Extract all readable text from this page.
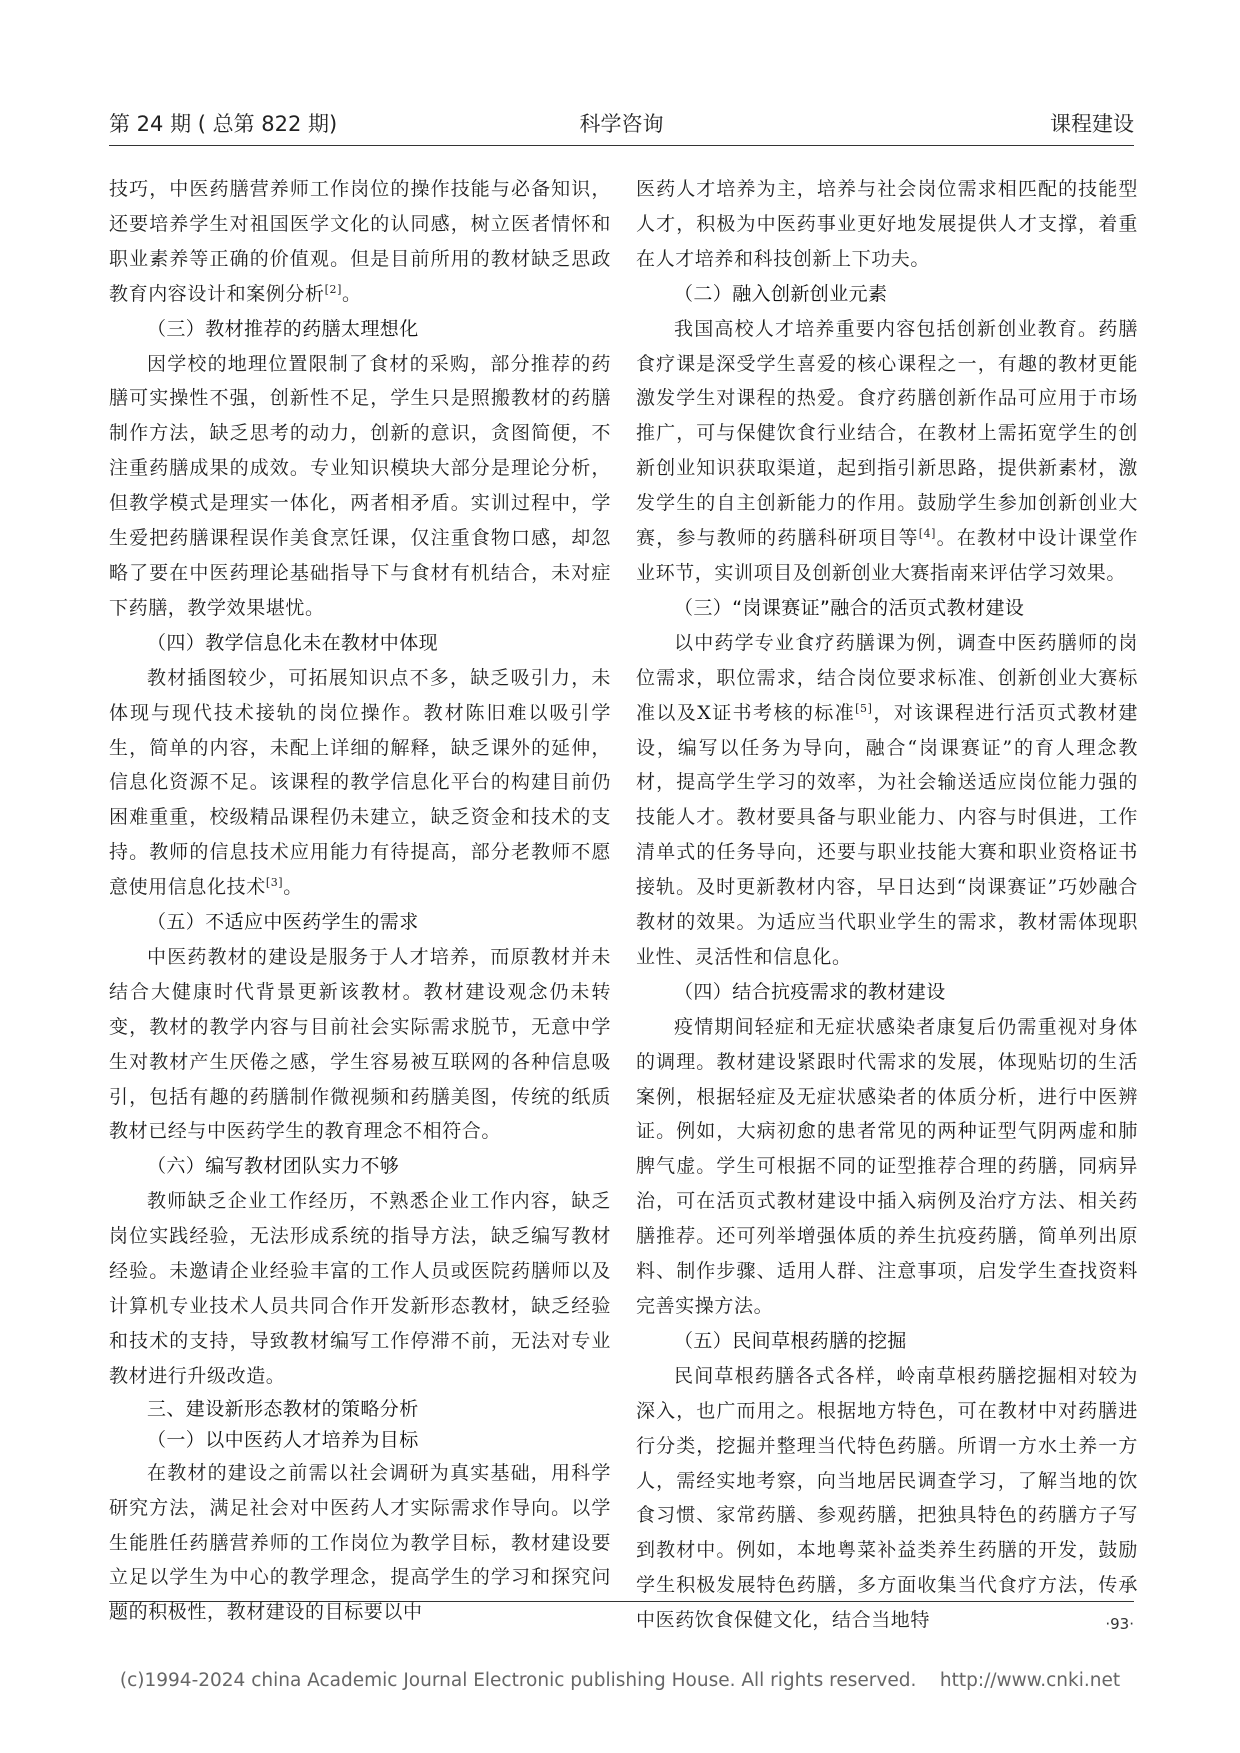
第 24 期 ( 总第 822 期)	科学咨询	课程建设

技巧，中医药膳营养师工作岗位的操作技能与必备知识，还要培养学生对祖国医学文化的认同感，树立医者情怀和职业素养等正确的价值观。但是目前所用的教材缺乏思政教育内容设计和案例分析[2]。

（三）教材推荐的药膳太理想化

因学校的地理位置限制了食材的采购，部分推荐的药膳可实操性不强，创新性不足，学生只是照搬教材的药膳制作方法，缺乏思考的动力，创新的意识，贪图简便，不注重药膳成果的成效。专业知识模块大部分是理论分析，但教学模式是理实一体化，两者相矛盾。实训过程中，学生爱把药膳课程误作美食烹饪课，仅注重食物口感，却忽略了要在中医药理论基础指导下与食材有机结合，未对症下药膳，教学效果堪忧。

（四）教学信息化未在教材中体现

教材插图较少，可拓展知识点不多，缺乏吸引力，未体现与现代技术接轨的岗位操作。教材陈旧难以吸引学生，简单的内容，未配上详细的解释，缺乏课外的延伸，信息化资源不足。该课程的教学信息化平台的构建目前仍困难重重，校级精品课程仍未建立，缺乏资金和技术的支持。教师的信息技术应用能力有待提高，部分老教师不愿意使用信息化技术[3]。

（五）不适应中医药学生的需求

中医药教材的建设是服务于人才培养，而原教材并未结合大健康时代背景更新该教材。教材建设观念仍未转变，教材的教学内容与目前社会实际需求脱节，无意中学生对教材产生厌倦之感，学生容易被互联网的各种信息吸引，包括有趣的药膳制作微视频和药膳美图，传统的纸质教材已经与中医药学生的教育理念不相符合。

（六）编写教材团队实力不够

教师缺乏企业工作经历，不熟悉企业工作内容，缺乏岗位实践经验，无法形成系统的指导方法，缺乏编写教材经验。未邀请企业经验丰富的工作人员或医院药膳师以及计算机专业技术人员共同合作开发新形态教材，缺乏经验和技术的支持，导致教材编写工作停滞不前，无法对专业教材进行升级改造。

三、建设新形态教材的策略分析
（一）以中医药人才培养为目标

在教材的建设之前需以社会调研为真实基础，用科学研究方法，满足社会对中医药人才实际需求作导向。以学生能胜任药膳营养师的工作岗位为教学目标，教材建设要立足以学生为中心的教学理念，提高学生的学习和探究问题的积极性，教材建设的目标要以中

医药人才培养为主，培养与社会岗位需求相匹配的技能型人才，积极为中医药事业更好地发展提供人才支撑，着重在人才培养和科技创新上下功夫。

（二）融入创新创业元素

我国高校人才培养重要内容包括创新创业教育。药膳食疗课是深受学生喜爱的核心课程之一，有趣的教材更能激发学生对课程的热爱。食疗药膳创新作品可应用于市场推广，可与保健饮食行业结合，在教材上需拓宽学生的创新创业知识获取渠道，起到指引新思路，提供新素材，激发学生的自主创新能力的作用。鼓励学生参加创新创业大赛，参与教师的药膳科研项目等[4]。在教材中设计课堂作业环节，实训项目及创新创业大赛指南来评估学习效果。

（三）“岗课赛证”融合的活页式教材建设

以中药学专业食疗药膳课为例，调查中医药膳师的岗位需求，职位需求，结合岗位要求标准、创新创业大赛标准以及X证书考核的标准[5]，对该课程进行活页式教材建设，编写以任务为导向，融合“岗课赛证”的育人理念教材，提高学生学习的效率，为社会输送适应岗位能力强的技能人才。教材要具备与职业能力、内容与时俱进，工作清单式的任务导向，还要与职业技能大赛和职业资格证书接轨。及时更新教材内容，早日达到“岗课赛证”巧妙融合教材的效果。为适应当代职业学生的需求，教材需体现职业性、灵活性和信息化。

（四）结合抗疫需求的教材建设

疫情期间轻症和无症状感染者康复后仍需重视对身体的调理。教材建设紧跟时代需求的发展，体现贴切的生活案例，根据轻症及无症状感染者的体质分析，进行中医辨证。例如，大病初愈的患者常见的两种证型气阴两虚和肺脾气虚。学生可根据不同的证型推荐合理的药膳，同病异治，可在活页式教材建设中插入病例及治疗方法、相关药膳推荐。还可列举增强体质的养生抗疫药膳，简单列出原料、制作步骤、适用人群、注意事项，启发学生查找资料完善实操方法。

（五）民间草根药膳的挖掘

民间草根药膳各式各样，岭南草根药膳挖掘相对较为深入，也广而用之。根据地方特色，可在教材中对药膳进行分类，挖掘并整理当代特色药膳。所谓一方水土养一方人，需经实地考察，向当地居民调查学习，了解当地的饮食习惯、家常药膳、参观药膳，把独具特色的药膳方子写到教材中。例如，本地粤菜补益类养生药膳的开发，鼓励学生积极发展特色药膳，多方面收集当代食疗方法，传承中医药饮食保健文化，结合当地特	·93·
(c)1994-2024 china Academic Journal Electronic publishing House. All rights reserved.    http://www.cnki.net
